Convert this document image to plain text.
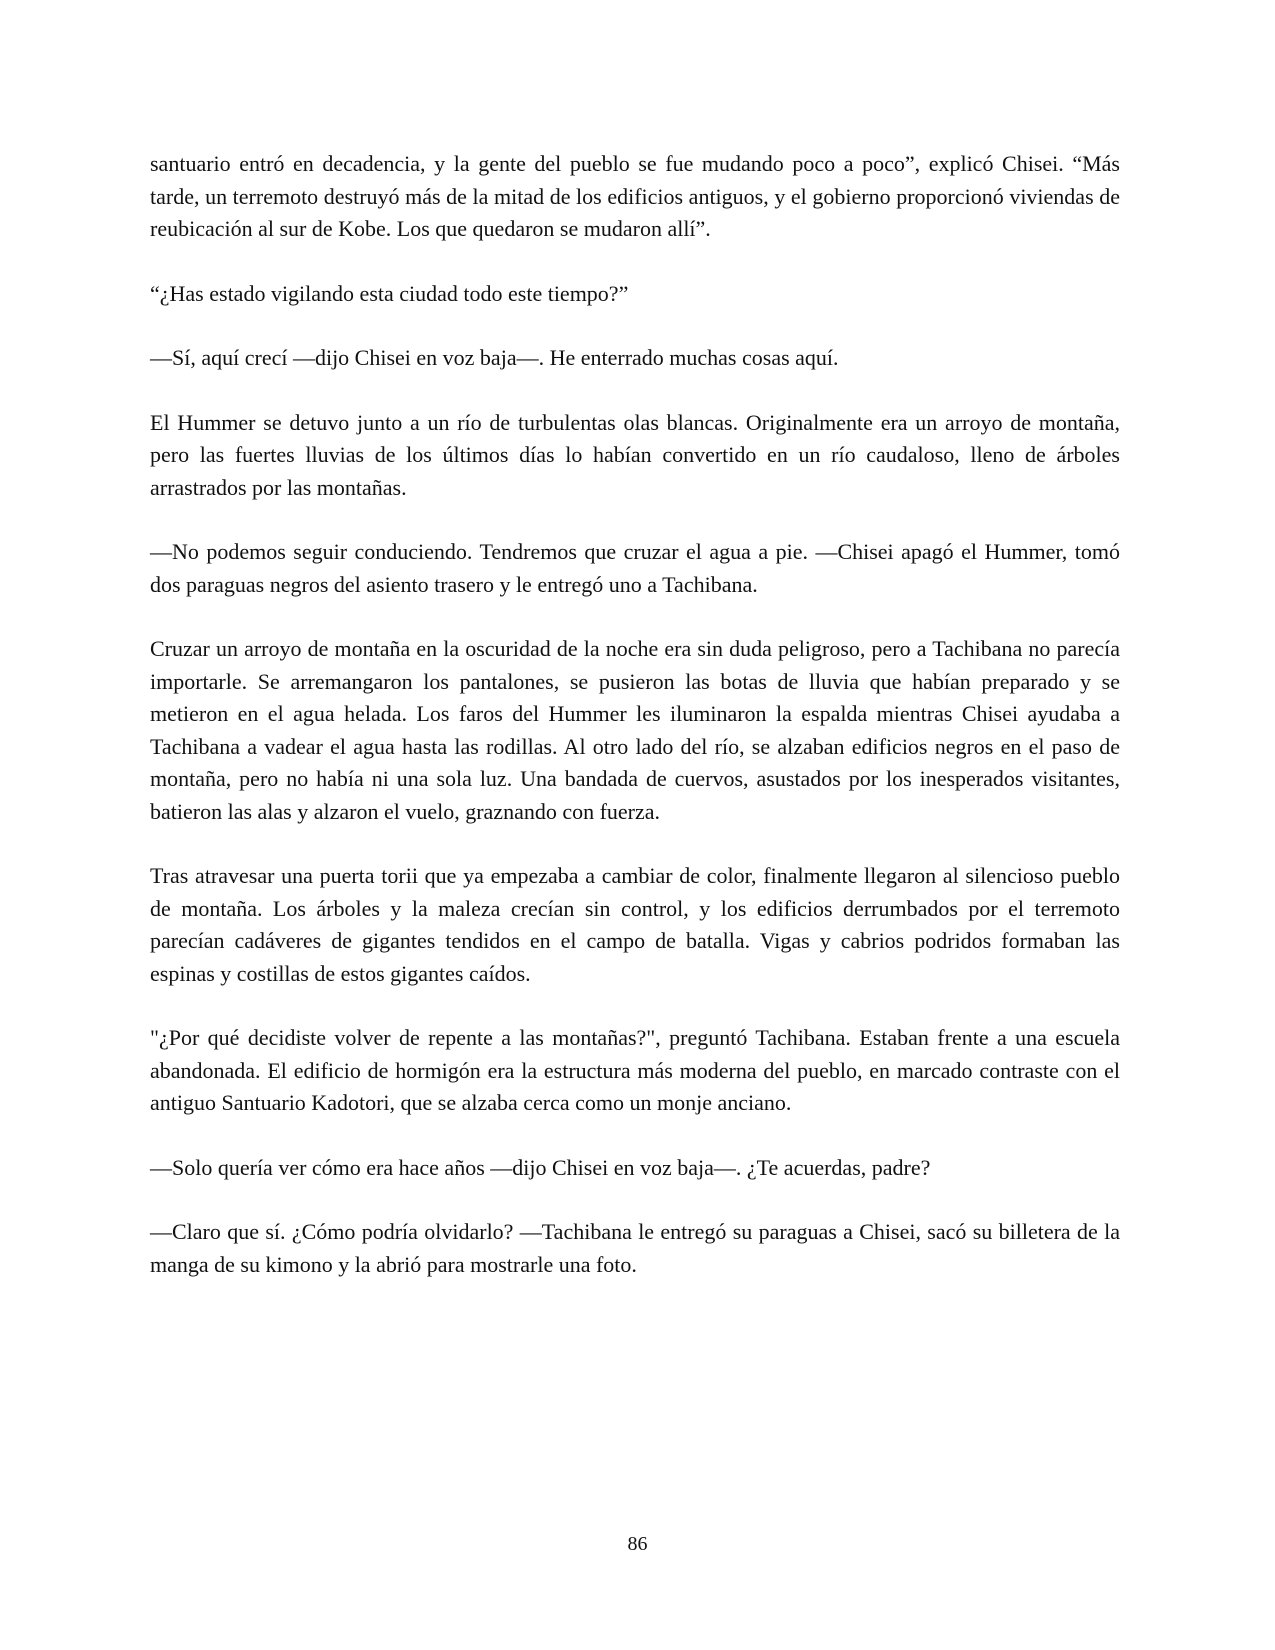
santuario entró en decadencia, y la gente del pueblo se fue mudando poco a poco”, explicó Chisei. “Más tarde, un terremoto destruyó más de la mitad de los edificios antiguos, y el gobierno proporcionó viviendas de reubicación al sur de Kobe. Los que quedaron se mudaron allí”.

“¿Has estado vigilando esta ciudad todo este tiempo?”

—Sí, aquí crecí —dijo Chisei en voz baja—. He enterrado muchas cosas aquí.

El Hummer se detuvo junto a un río de turbulentas olas blancas. Originalmente era un arroyo de montaña, pero las fuertes lluvias de los últimos días lo habían convertido en un río caudaloso, lleno de árboles arrastrados por las montañas.

—No podemos seguir conduciendo. Tendremos que cruzar el agua a pie. —Chisei apagó el Hummer, tomó dos paraguas negros del asiento trasero y le entregó uno a Tachibana.

Cruzar un arroyo de montaña en la oscuridad de la noche era sin duda peligroso, pero a Tachibana no parecía importarle. Se arremangaron los pantalones, se pusieron las botas de lluvia que habían preparado y se metieron en el agua helada. Los faros del Hummer les iluminaron la espalda mientras Chisei ayudaba a Tachibana a vadear el agua hasta las rodillas. Al otro lado del río, se alzaban edificios negros en el paso de montaña, pero no había ni una sola luz. Una bandada de cuervos, asustados por los inesperados visitantes, batieron las alas y alzaron el vuelo, graznando con fuerza.

Tras atravesar una puerta torii que ya empezaba a cambiar de color, finalmente llegaron al silencioso pueblo de montaña. Los árboles y la maleza crecían sin control, y los edificios derrumbados por el terremoto parecían cadáveres de gigantes tendidos en el campo de batalla. Vigas y cabrios podridos formaban las espinas y costillas de estos gigantes caídos.

"¿Por qué decidiste volver de repente a las montañas?", preguntó Tachibana. Estaban frente a una escuela abandonada. El edificio de hormigón era la estructura más moderna del pueblo, en marcado contraste con el antiguo Santuario Kadotori, que se alzaba cerca como un monje anciano.

—Solo quería ver cómo era hace años —dijo Chisei en voz baja—. ¿Te acuerdas, padre?

—Claro que sí. ¿Cómo podría olvidarlo? —Tachibana le entregó su paraguas a Chisei, sacó su billetera de la manga de su kimono y la abrió para mostrarle una foto.

86
